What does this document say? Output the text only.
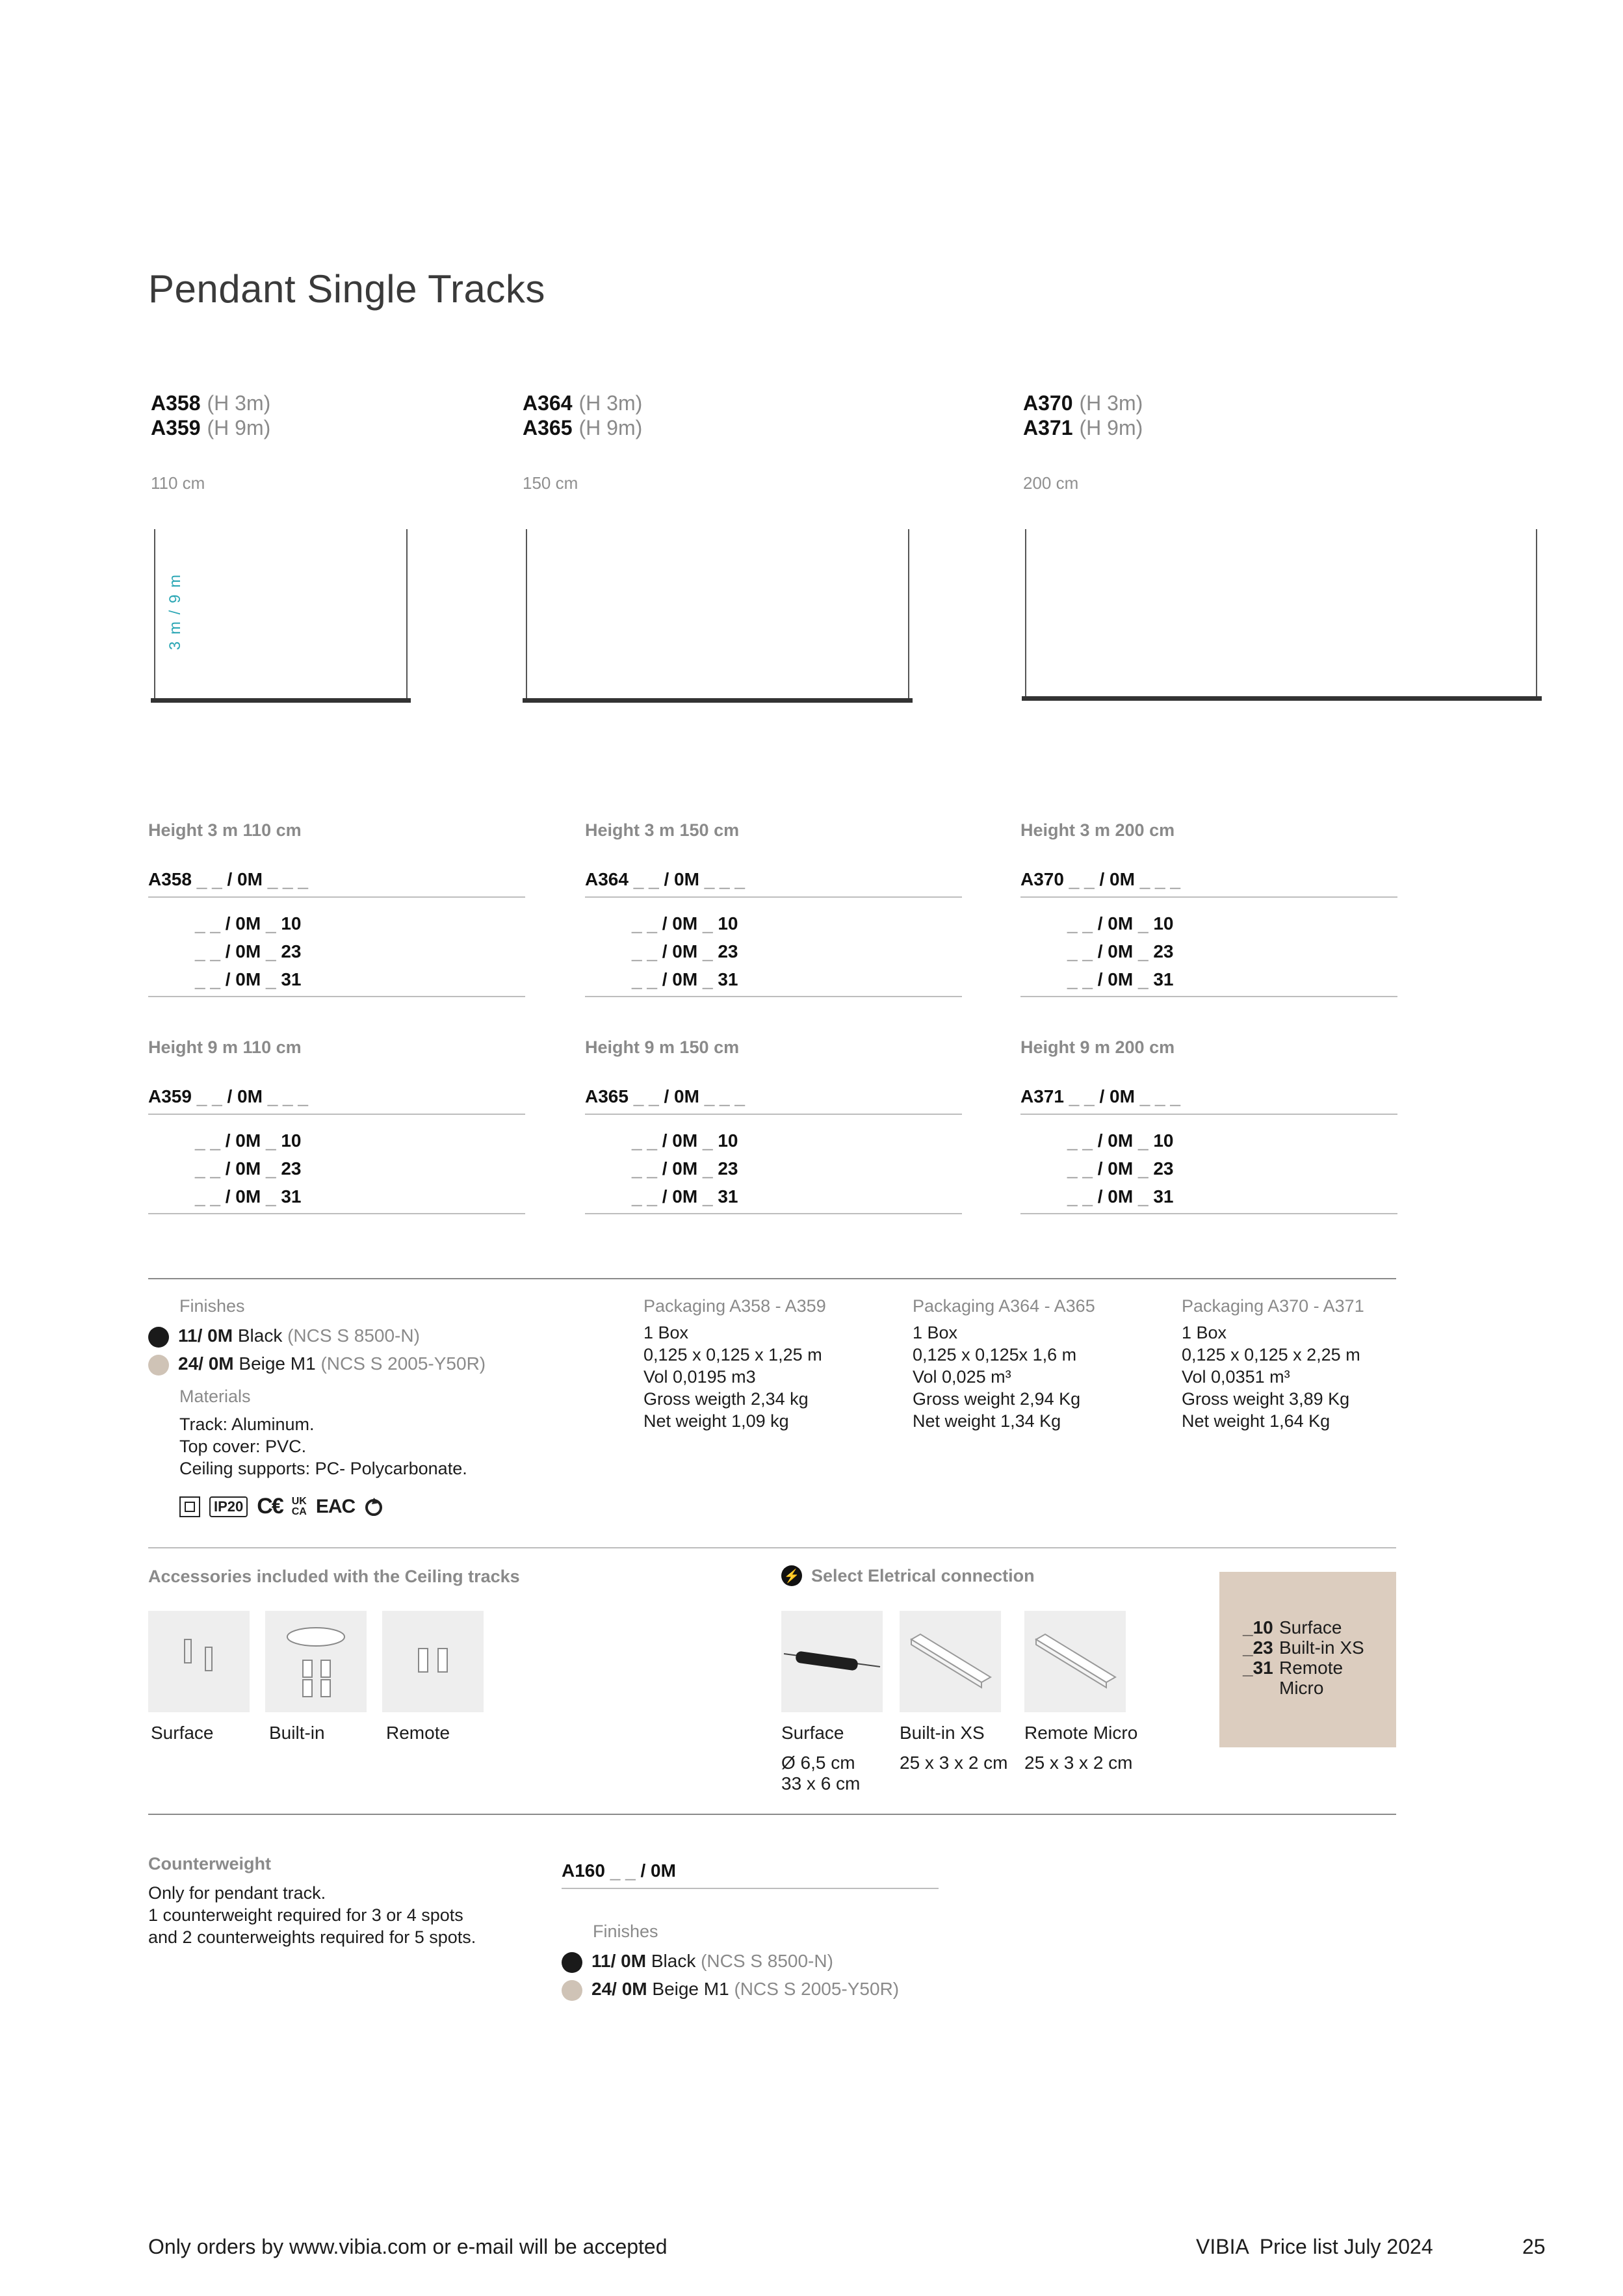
Pendant Single Tracks
A358 (H 3m)
A359 (H 9m)
A364 (H 3m)
A365 (H 9m)
A370 (H 3m)
A371 (H 9m)
110 cm	150 cm	200 cm
3 m / 9 m
Height 3 m 110 cm
A358 _ _ / 0M _ _ _
_ _ / 0M _ 10
_ _ / 0M _ 23
_ _ / 0M _ 31
Height 3 m 150 cm
A364 _ _ / 0M _ _ _
_ _ / 0M _ 10
_ _ / 0M _ 23
_ _ / 0M _ 31
Height 3 m 200 cm
A370 _ _ / 0M _ _ _
_ _ / 0M _ 10
_ _ / 0M _ 23
_ _ / 0M _ 31
Height 9 m 110 cm
A359 _ _ / 0M _ _ _
_ _ / 0M _ 10
_ _ / 0M _ 23
_ _ / 0M _ 31
Height 9 m 150 cm
A365 _ _ / 0M _ _ _
_ _ / 0M _ 10
_ _ / 0M _ 23
_ _ / 0M _ 31
Height 9 m 200 cm
A371 _ _ / 0M _ _ _
_ _ / 0M _ 10
_ _ / 0M _ 23
_ _ / 0M _ 31
Finishes
11/ 0M Black (NCS S 8500-N)
24/ 0M Beige M1 (NCS S 2005-Y50R)
Materials
Track: Aluminum.
Top cover: PVC.
Ceiling supports: PC- Polycarbonate.
IP20 C€ UK
CA EAC
Packaging A358 - A359
1 Box
0,125 x 0,125 x 1,25 m
Vol 0,0195 m3
Gross weigth 2,34 kg
Net weight 1,09 kg
Packaging A364 - A365
1 Box
0,125 x 0,125x 1,6 m
Vol 0,025 m³
Gross weight 2,94 Kg
Net weight 1,34 Kg
Packaging A370 - A371
1 Box
0,125 x 0,125 x 2,25 m
Vol 0,0351 m³
Gross weight 3,89 Kg
Net weight 1,64 Kg
Accessories included with the Ceiling tracks
Surface	Built-in	Remote
⚡ Select Eletrical connection
Surface
Ø 6,5 cm
33 x 6 cm
Built-in XS
25 x 3 x 2 cm
Remote Micro
25 x 3 x 2 cm
_10 Surface
_23 Built-in XS
_31 Remote
Micro
Counterweight
Only for pendant track.
1 counterweight required for 3 or 4 spots
and 2 counterweights required for 5 spots.
A160 _ _ / 0M
Finishes
11/ 0M Black (NCS S 8500-N)
24/ 0M Beige M1 (NCS S 2005-Y50R)
Only orders by www.vibia.com or e-mail will be accepted	VIBIA  Price list July 2024	25
